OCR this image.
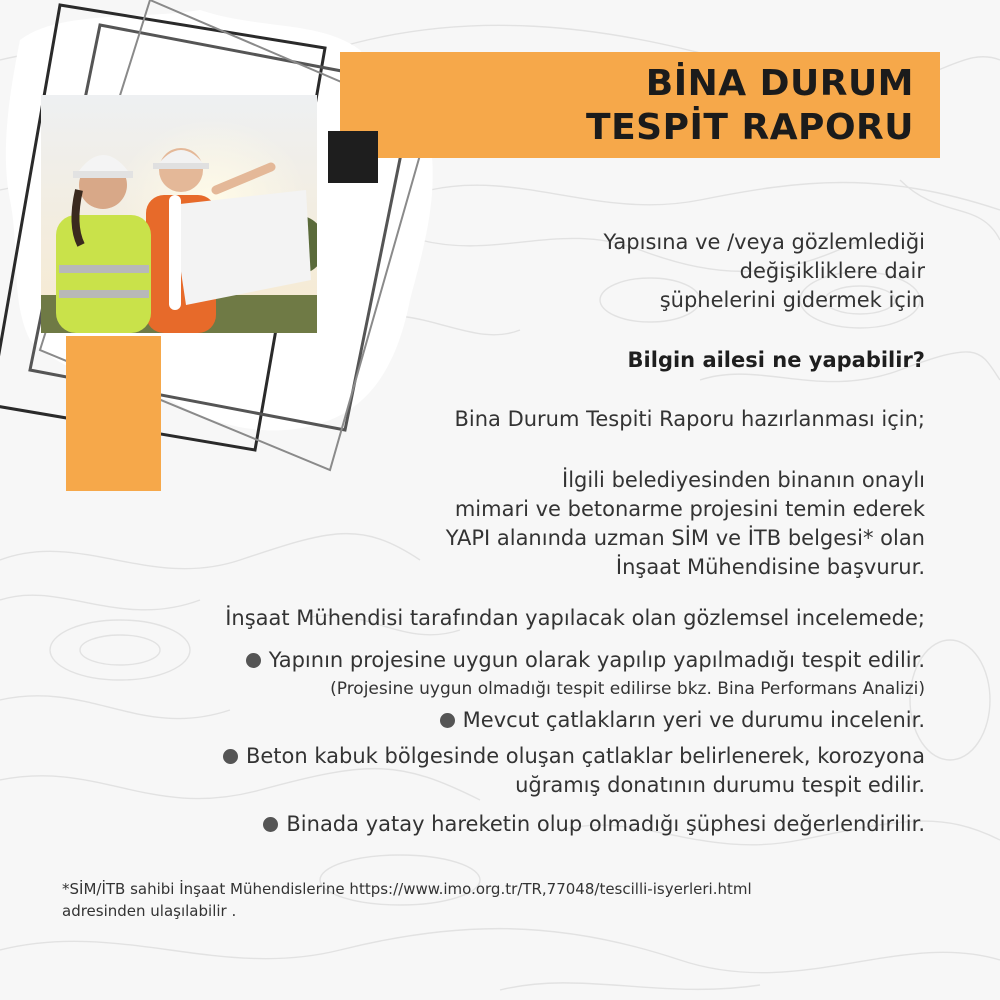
BİNA DURUM
TESPİT RAPORU
Yapısına ve /veya gözlemlediği
değişikliklere dair
şüphelerini gidermek için
Bilgin ailesi ne yapabilir?
Bina Durum Tespiti Raporu hazırlanması için;
İlgili belediyesinden binanın onaylı
mimari ve betonarme projesini temin ederek
YAPI alanında uzman SİM ve İTB belgesi* olan
İnşaat Mühendisine başvurur.
İnşaat Mühendisi tarafından yapılacak olan gözlemsel incelemede;
Yapının projesine uygun olarak yapılıp yapılmadığı tespit edilir.
(Projesine uygun olmadığı tespit edilirse bkz. Bina Performans Analizi)
Mevcut çatlakların yeri ve durumu incelenir.
Beton kabuk bölgesinde oluşan çatlaklar belirlenerek, korozyona
uğramış donatının durumu tespit edilir.
Binada yatay hareketin olup olmadığı şüphesi değerlendirilir.
*SİM/İTB sahibi İnşaat Mühendislerine https://www.imo.org.tr/TR,77048/tescilli-isyerleri.html
adresinden ulaşılabilir .
